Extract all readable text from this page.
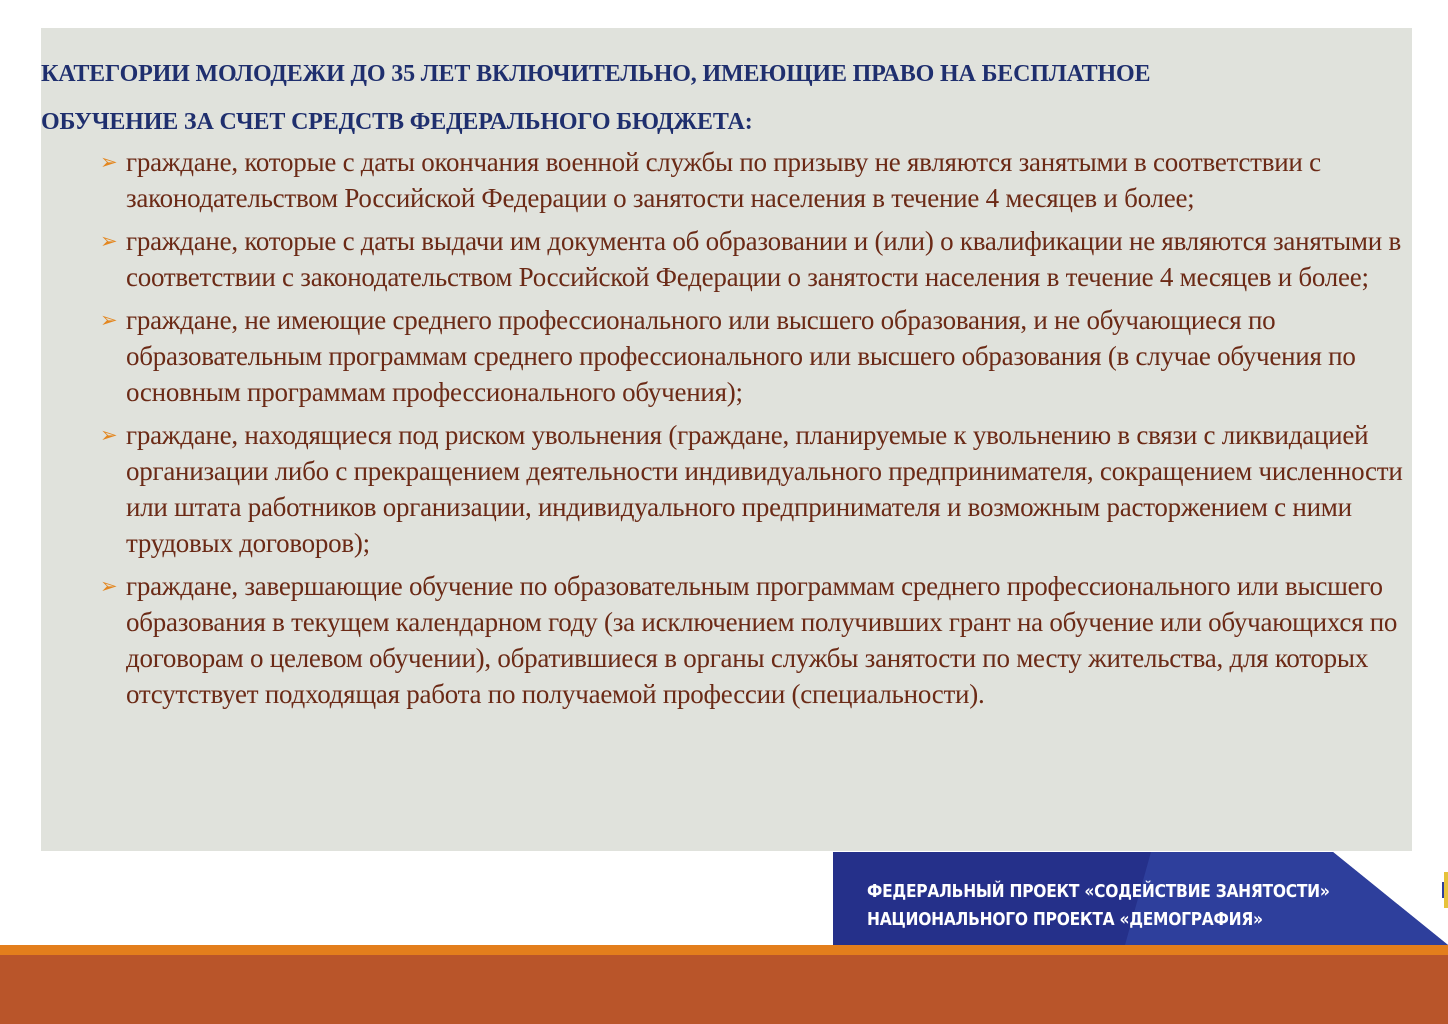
КАТЕГОРИИ МОЛОДЕЖИ ДО 35 ЛЕТ ВКЛЮЧИТЕЛЬНО, ИМЕЮЩИЕ ПРАВО НА БЕСПЛАТНОЕ
ОБУЧЕНИЕ ЗА СЧЕТ СРЕДСТВ ФЕДЕРАЛЬНОГО БЮДЖЕТА:
➢ граждане, которые с даты окончания военной службы по призыву не являются занятыми в соответствии с законодательством Российской Федерации о занятости населения в течение 4 месяцев и более;
➢ граждане, которые с даты выдачи им документа об образовании и (или) о квалификации не являются занятыми в соответствии с законодательством Российской Федерации о занятости населения в течение 4 месяцев и более;
➢ граждане, не имеющие среднего профессионального или высшего образования, и не обучающиеся по образовательным программам среднего профессионального или высшего образования (в случае обучения по основным программам профессионального обучения);
➢ граждане, находящиеся под риском увольнения (граждане, планируемые к увольнению в связи с ликвидацией организации либо с прекращением деятельности индивидуального предпринимателя, сокращением численности или штата работников организации, индивидуального предпринимателя и возможным расторжением с ними трудовых договоров);
➢ граждане, завершающие обучение по образовательным программам среднего профессионального или высшего образования в текущем календарном году (за исключением получивших грант на обучение или обучающихся по договорам о целевом обучении), обратившиеся в органы службы занятости по месту жительства, для которых отсутствует подходящая работа по получаемой профессии (специальности).
ФЕДЕРАЛЬНЫЙ ПРОЕКТ «СОДЕЙСТВИЕ ЗАНЯТОСТИ»
НАЦИОНАЛЬНОГО ПРОЕКТА «ДЕМОГРАФИЯ»
